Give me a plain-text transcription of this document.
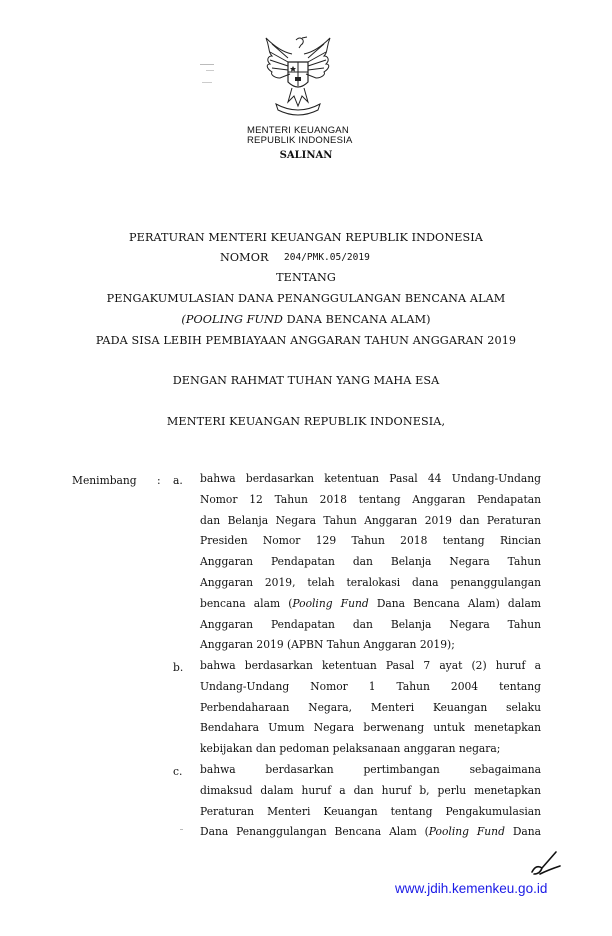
MENTERI KEUANGAN
REPUBLIK INDONESIA
SALINAN
PERATURAN MENTERI KEUANGAN REPUBLIK INDONESIA
NOMOR 204/PMK.05/2019
TENTANG
PENGAKUMULASIAN DANA PENANGGULANGAN BENCANA ALAM
(POOLING FUND DANA BENCANA ALAM)
PADA SISA LEBIH PEMBIAYAAN ANGGARAN TAHUN ANGGARAN 2019
DENGAN RAHMAT TUHAN YANG MAHA ESA
MENTERI KEUANGAN REPUBLIK INDONESIA,
Menimbang : a. bahwa berdasarkan ketentuan Pasal 44 Undang-Undang
Nomor 12 Tahun 2018 tentang Anggaran Pendapatan
dan Belanja Negara Tahun Anggaran 2019 dan Peraturan
Presiden Nomor 129 Tahun 2018 tentang Rincian
Anggaran Pendapatan dan Belanja Negara Tahun
Anggaran 2019, telah teralokasi dana penanggulangan
bencana alam (Pooling Fund Dana Bencana Alam) dalam
Anggaran Pendapatan dan Belanja Negara Tahun
Anggaran 2019 (APBN Tahun Anggaran 2019);
b. bahwa berdasarkan ketentuan Pasal 7 ayat (2) huruf a
Undang-Undang Nomor 1 Tahun 2004 tentang
Perbendaharaan Negara, Menteri Keuangan selaku
Bendahara Umum Negara berwenang untuk menetapkan
kebijakan dan pedoman pelaksanaan anggaran negara;
c. bahwa berdasarkan pertimbangan sebagaimana
dimaksud dalam huruf a dan huruf b, perlu menetapkan
Peraturan Menteri Keuangan tentang Pengakumulasian
Dana Penanggulangan Bencana Alam (Pooling Fund Dana
www.jdih.kemenkeu.go.id
